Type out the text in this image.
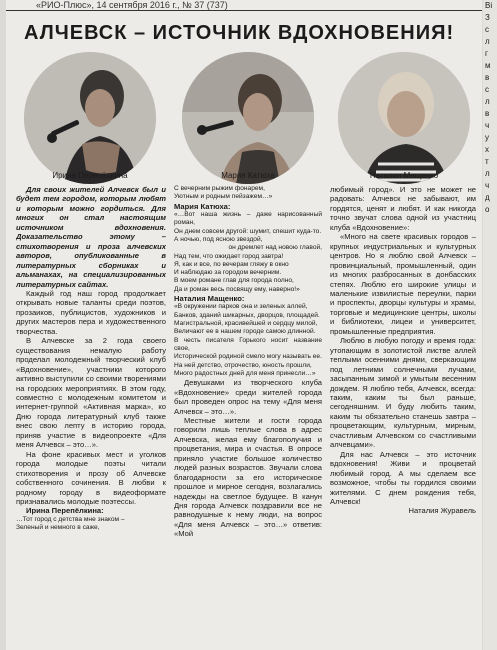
«РИО-Плюс», 14 сентября 2016 г., № 37 (737)
АЛЧЕВСК – ИСТОЧНИК ВДОХНОВЕНИЯ!
Ирина Перепёлкина	Мария Катюха	Наталия Мащенко

Для своих жителей Алчевск был и будет тем городом, которым любят и которым можно гордиться. Для многих он стал настоящим источником вдохновения. Доказательство этому – стихотворения и проза алчевских авторов, опубликованные в литературных сборниках и альманахах, на специализированных литературных сайтах.

Каждый год наш город продолжает открывать новые таланты среди поэтов, прозаиков, публицистов, художников и других мастеров пера и художественного творчества.

В Алчевске за 2 года своего существования немалую работу проделал молодежный творческий клуб «Вдохновение», участники которого активно выступили со своими творениями на городских мероприятиях. В этом году, совместно с молодежным комитетом и интернет-группой «Активная марка», ко Дню города литературный клуб также внес свою лепту в историю города, приняв участие в видеопроекте «Для меня Алчевск – это…».

На фоне красивых мест и уголков города молодые поэты читали стихотворения и прозу об Алчевске собственного сочинения. В любви к родному городу в видеоформате признавались молодые поэтессы.

Ирина Перепёлкина:

…Тот город с детства мне знаком –
Зеленый и немного в саже,
С вечерним рыжим фонарем,
Уютным и родным пейзажем…»
Мария Катюха:
«…Вот наша жизнь – даже нарисованный роман,
Он днем совсем другой: шумит, спешит куда-то.
А ночью, под ясною звездой,
он дремлет над новою главой,
Над тем, что ожидает город завтра!
Я, как и все, по вечерам гляжу в окно
И наблюдаю за городом вечерним.
В моем романе глав для города полно,
Да и роман весь посвящу ему, наверно!»
Наталия Мащенко:
«В окружении парков она и зеленых аллей,
Банков, зданий шикарных, дворцов, площадей.
Магистральной, красивейшей и сердцу милой,
Величают ее в нашем городе самою длинной.
В честь писателя Горького носит название свое,
Исторической родиной смело могу называть ее.
На ней детство, отрочество, юность прошли,
Много радостных дней для меня принесли…»

Девушками из творческого клуба «Вдохновение» среди жителей города был проведен опрос на тему «Для меня Алчевск – это…».

Местные жители и гости города говорили лишь теплые слова в адрес Алчевска, желая ему благополучия и процветания, мира и счастья. В опросе приняло участие большое количество людей разных возрастов. Звучали слова благодарности за его историческое прошлое и мирное сегодня, возлагались надежды на светлое будущее. В канун Дня города Алчевск поздравили все не равнодушные к нему люди, на вопрос «Для меня Алчевск – это…» ответив: «Мой

любимый город». И это не может не радовать: Алчевск не забывают, им гордятся, ценят и любят. И как никогда точно звучат слова одной из участниц клуба «Вдохновение»:

«Много на свете красивых городов – крупных индустриальных и культурных центров. Но я люблю свой Алчевск – провинциальный, промышленный, один из многих разбросанных в донбасских степях. Люблю его широкие улицы и маленькие извилистые переулки, парки и проспекты, дворцы культуры и храмы, торговые и медицинские центры, школы и библиотеки, лицеи и университет, промышленные предприятия.

Люблю в любую погоду и время года: утопающим в золотистой листве аллей теплыми осенними днями, сверкающим под летними солнечными лучами, засыпанным зимой и умытым весенним дождем. Я люблю тебя, Алчевск, всегда: таким, каким ты был раньше, сегодняшним. И буду любить таким, каким ты обязательно станешь завтра – процветающим, культурным, мирным, счастливым Алчевском со счастливыми алчевцами».

Для нас Алчевск – это источник вдохновения! Живи и процветай любимый город. А мы сделаем все возможное, чтобы ты гордился своими жителями. С днем рождения тебя, Алчевск!

Наталия Журавель
Ві
З
с
л
г
м
в
с
л
в
ч
у
х
т
л
ч
д
о
